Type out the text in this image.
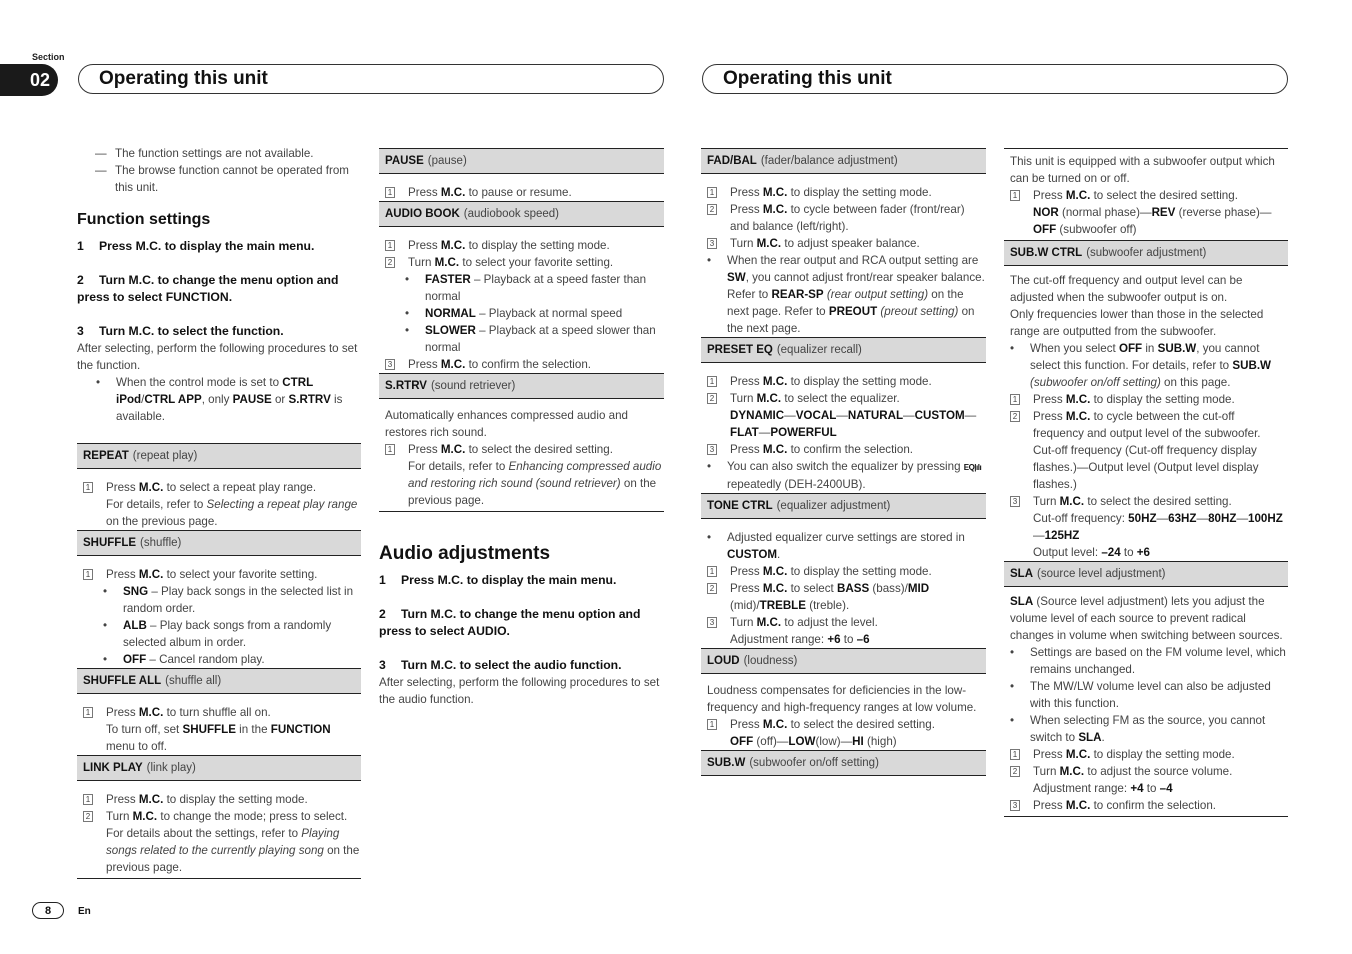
Section
02	Operating this unit	Operating this unit
— The function settings are not available.
— The browse function cannot be operated from this unit.
Function settings
1 Press M.C. to display the main menu.
2 Turn M.C. to change the menu option and press to select FUNCTION.
3 Turn M.C. to select the function.
After selecting, perform the following procedures to set the function.
•	When the control mode is set to CTRL iPod/CTRL APP, only PAUSE or S.RTRV is available.
REPEAT (repeat play)
1 Press M.C. to select a repeat play range.
For details, refer to Selecting a repeat play range on the previous page.
SHUFFLE (shuffle)
1 Press M.C. to select your favorite setting.
•	SNG – Play back songs in the selected list in random order.
•	ALB – Play back songs from a randomly selected album in order.
•	OFF – Cancel random play.
SHUFFLE ALL (shuffle all)
1 Press M.C. to turn shuffle all on.
To turn off, set SHUFFLE in the FUNCTION menu to off.
LINK PLAY (link play)
1 Press M.C. to display the setting mode.
2 Turn M.C. to change the mode; press to select.
For details about the settings, refer to Playing songs related to the currently playing song on the previous page.
PAUSE (pause)
1 Press M.C. to pause or resume.
AUDIO BOOK (audiobook speed)
1 Press M.C. to display the setting mode.
2 Turn M.C. to select your favorite setting.
•	FASTER – Playback at a speed faster than normal
•	NORMAL – Playback at normal speed
•	SLOWER – Playback at a speed slower than normal
3 Press M.C. to confirm the selection.
S.RTRV (sound retriever)
Automatically enhances compressed audio and restores rich sound.
1 Press M.C. to select the desired setting.
For details, refer to Enhancing compressed audio and restoring rich sound (sound retriever) on the previous page.
Audio adjustments
1 Press M.C. to display the main menu.
2 Turn M.C. to change the menu option and press to select AUDIO.
3 Turn M.C. to select the audio function.
After selecting, perform the following procedures to set the audio function.
FAD/BAL (fader/balance adjustment)
1 Press M.C. to display the setting mode.
2 Press M.C. to cycle between fader (front/rear) and balance (left/right).
3 Turn M.C. to adjust speaker balance.
•	When the rear output and RCA output setting are SW, you cannot adjust front/rear speaker balance. Refer to REAR-SP (rear output setting) on the next page. Refer to PREOUT (preout setting) on the next page.
PRESET EQ (equalizer recall)
1 Press M.C. to display the setting mode.
2 Turn M.C. to select the equalizer.
DYNAMIC—VOCAL—NATURAL—CUSTOM—FLAT—POWERFUL
3 Press M.C. to confirm the selection.
•	You can also switch the equalizer by pressing EQ|ılı repeatedly (DEH-2400UB).
TONE CTRL (equalizer adjustment)
•	Adjusted equalizer curve settings are stored in CUSTOM.
1 Press M.C. to display the setting mode.
2 Press M.C. to select BASS (bass)/MID (mid)/TREBLE (treble).
3 Turn M.C. to adjust the level.
Adjustment range: +6 to –6
LOUD (loudness)
Loudness compensates for deficiencies in the low-frequency and high-frequency ranges at low volume.
1 Press M.C. to select the desired setting.
OFF (off)—LOW(low)—HI (high)
SUB.W (subwoofer on/off setting)
This unit is equipped with a subwoofer output which can be turned on or off.
1 Press M.C. to select the desired setting.
NOR (normal phase)—REV (reverse phase)—OFF (subwoofer off)
SUB.W CTRL (subwoofer adjustment)
The cut-off frequency and output level can be adjusted when the subwoofer output is on.
Only frequencies lower than those in the selected range are outputted from the subwoofer.
•	When you select OFF in SUB.W, you cannot select this function. For details, refer to SUB.W (subwoofer on/off setting) on this page.
1 Press M.C. to display the setting mode.
2 Press M.C. to cycle between the cut-off frequency and output level of the subwoofer.
Cut-off frequency (Cut-off frequency display flashes.)—Output level (Output level display flashes.)
3 Turn M.C. to select the desired setting.
Cut-off frequency: 50HZ—63HZ—80HZ—100HZ—125HZ
Output level: –24 to +6
SLA (source level adjustment)
SLA (Source level adjustment) lets you adjust the volume level of each source to prevent radical changes in volume when switching between sources.
•	Settings are based on the FM volume level, which remains unchanged.
•	The MW/LW volume level can also be adjusted with this function.
•	When selecting FM as the source, you cannot switch to SLA.
1 Press M.C. to display the setting mode.
2 Turn M.C. to adjust the source volume.
Adjustment range: +4 to –4
3 Press M.C. to confirm the selection.
8	En
